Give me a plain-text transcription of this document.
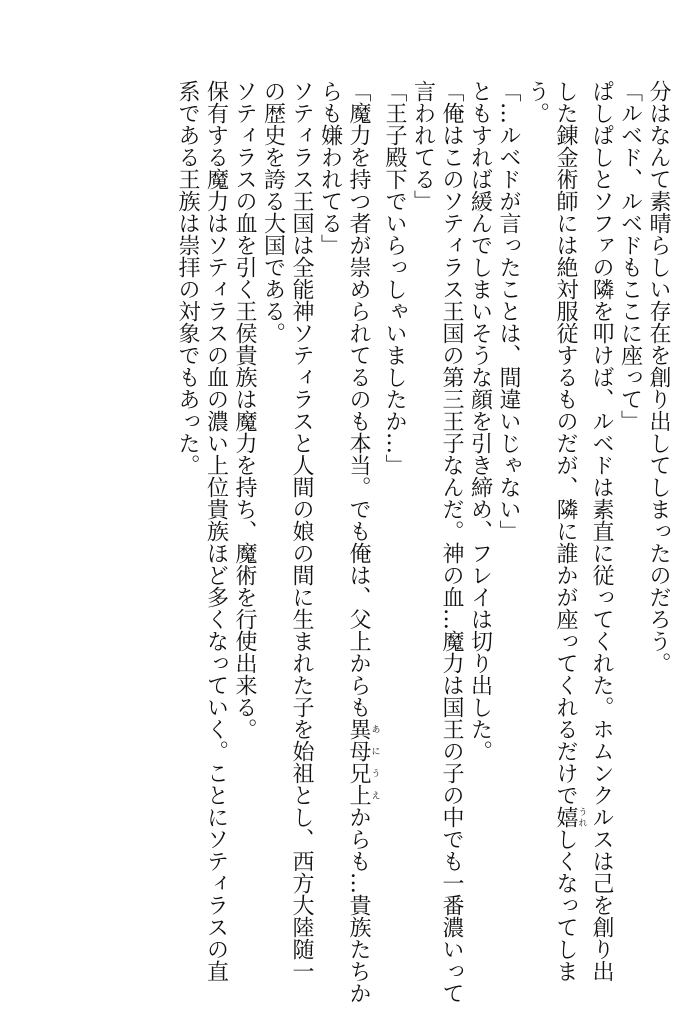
分はなんて素晴らしい存在を創り出してしまったのだろう。
「ルベド、ルベドもここに座って」
ぱしぱしとソファの隣を叩けば、ルベドは素直に従ってくれた。ホムンクルスは己を創り出
した錬金術師には絶対服従するものだが、隣に誰かが座ってくれるだけで嬉うれしくなってしま
う。
「…ルベドが言ったことは、間違いじゃない」
ともすれば緩んでしまいそうな顔を引き締め、フレイは切り出した。
「俺はこのソティラス王国の第三王子なんだ。神の血…魔力は国王の子の中でも一番濃いって
言われてる」
「王子殿下でいらっしゃいましたか…」
「魔力を持つ者が崇められてるのも本当。でも俺は、父上からも異母兄上あにうえからも…貴族たちか
らも嫌われてる」
ソティラス王国は全能神ソティラスと人間の娘の間に生まれた子を始祖とし、西方大陸随一
の歴史を誇る大国である。
ソティラスの血を引く王侯貴族は魔力を持ち、魔術を行使出来る。
保有する魔力はソティラスの血の濃い上位貴族ほど多くなっていく。ことにソティラスの直
系である王族は崇拝の対象でもあった。
